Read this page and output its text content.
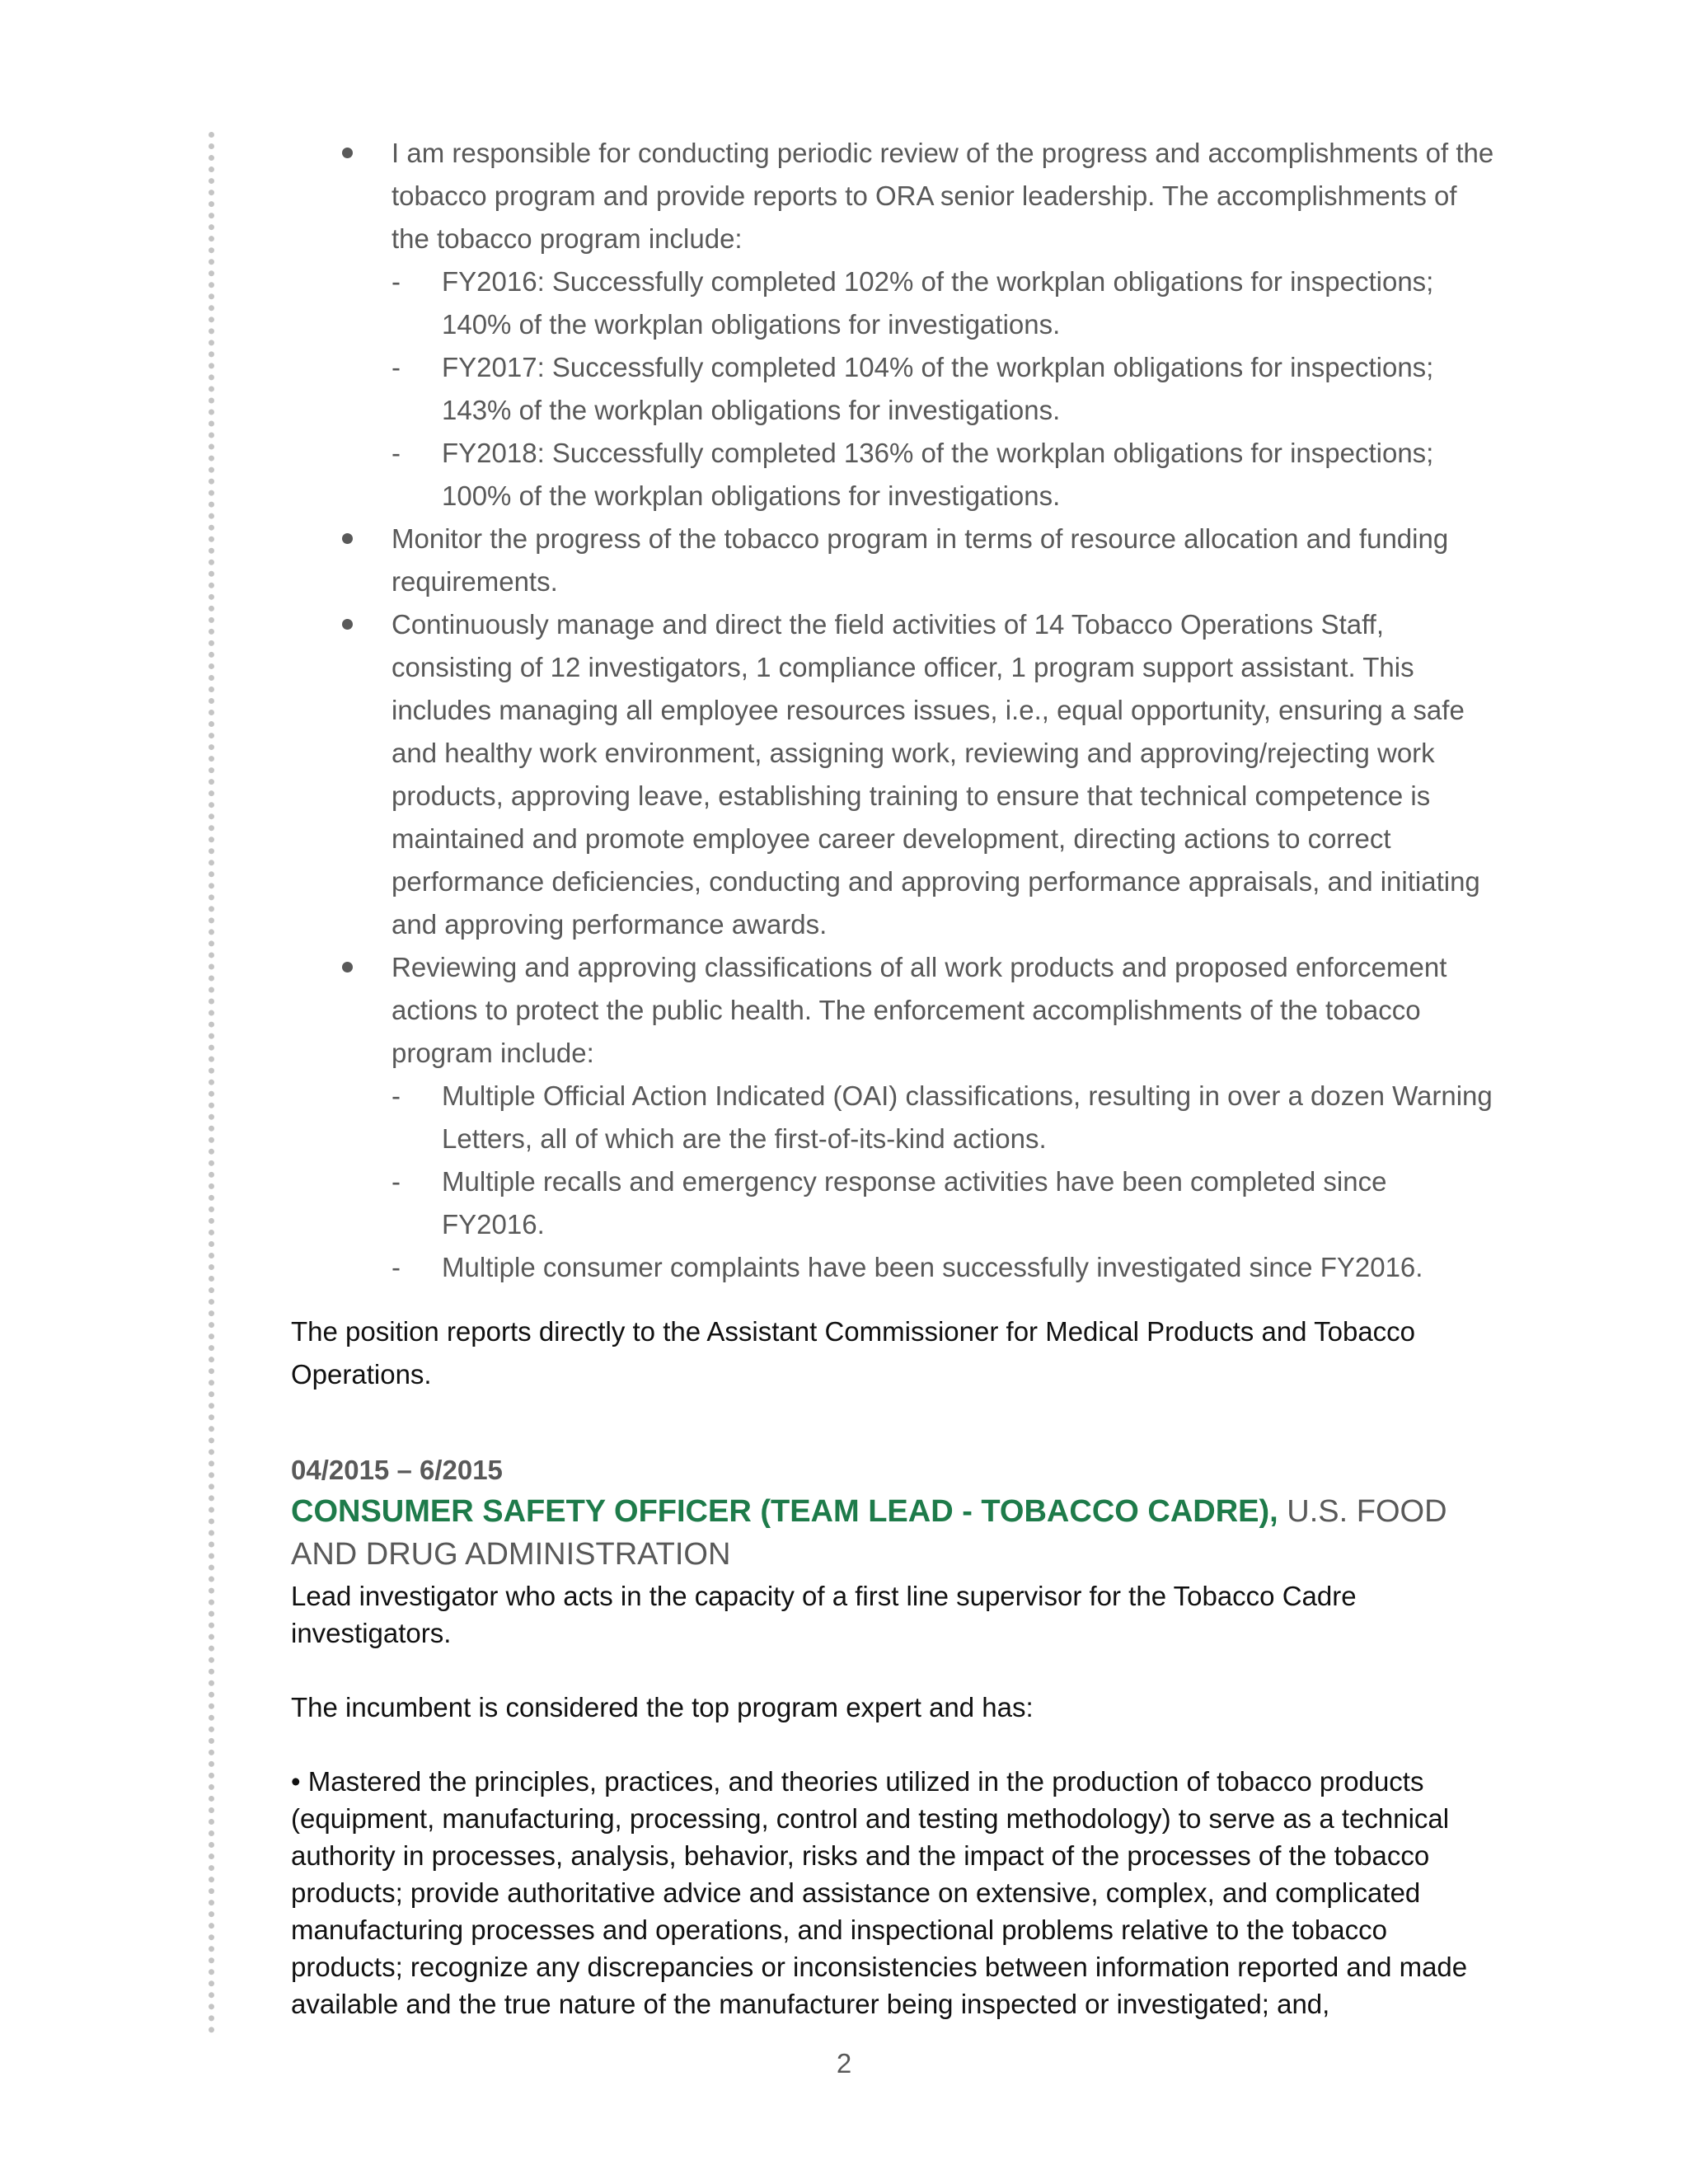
I am responsible for conducting periodic review of the progress and accomplishments of the tobacco program and provide reports to ORA senior leadership. The accomplishments of the tobacco program include:
- FY2016: Successfully completed 102% of the workplan obligations for inspections; 140% of the workplan obligations for investigations.
- FY2017: Successfully completed 104% of the workplan obligations for inspections; 143% of the workplan obligations for investigations.
- FY2018: Successfully completed 136% of the workplan obligations for inspections; 100% of the workplan obligations for investigations.
Monitor the progress of the tobacco program in terms of resource allocation and funding requirements.
Continuously manage and direct the field activities of 14 Tobacco Operations Staff, consisting of 12 investigators, 1 compliance officer, 1 program support assistant. This includes managing all employee resources issues, i.e., equal opportunity, ensuring a safe and healthy work environment, assigning work, reviewing and approving/rejecting work products, approving leave, establishing training to ensure that technical competence is maintained and promote employee career development, directing actions to correct performance deficiencies, conducting and approving performance appraisals, and initiating and approving performance awards.
Reviewing and approving classifications of all work products and proposed enforcement actions to protect the public health. The enforcement accomplishments of the tobacco program include:
- Multiple Official Action Indicated (OAI) classifications, resulting in over a dozen Warning Letters, all of which are the first-of-its-kind actions.
- Multiple recalls and emergency response activities have been completed since FY2016.
- Multiple consumer complaints have been successfully investigated since FY2016.
The position reports directly to the Assistant Commissioner for Medical Products and Tobacco Operations.
04/2015 – 6/2015
CONSUMER SAFETY OFFICER (TEAM LEAD - TOBACCO CADRE), U.S. FOOD AND DRUG ADMINISTRATION
Lead investigator who acts in the capacity of a first line supervisor for the Tobacco Cadre investigators.
The incumbent is considered the top program expert and has:
• Mastered the principles, practices, and theories utilized in the production of tobacco products (equipment, manufacturing, processing, control and testing methodology) to serve as a technical authority in processes, analysis, behavior, risks and the impact of the processes of the tobacco products; provide authoritative advice and assistance on extensive, complex, and complicated manufacturing processes and operations, and inspectional problems relative to the tobacco products; recognize any discrepancies or inconsistencies between information reported and made available and the true nature of the manufacturer being inspected or investigated; and,
2
